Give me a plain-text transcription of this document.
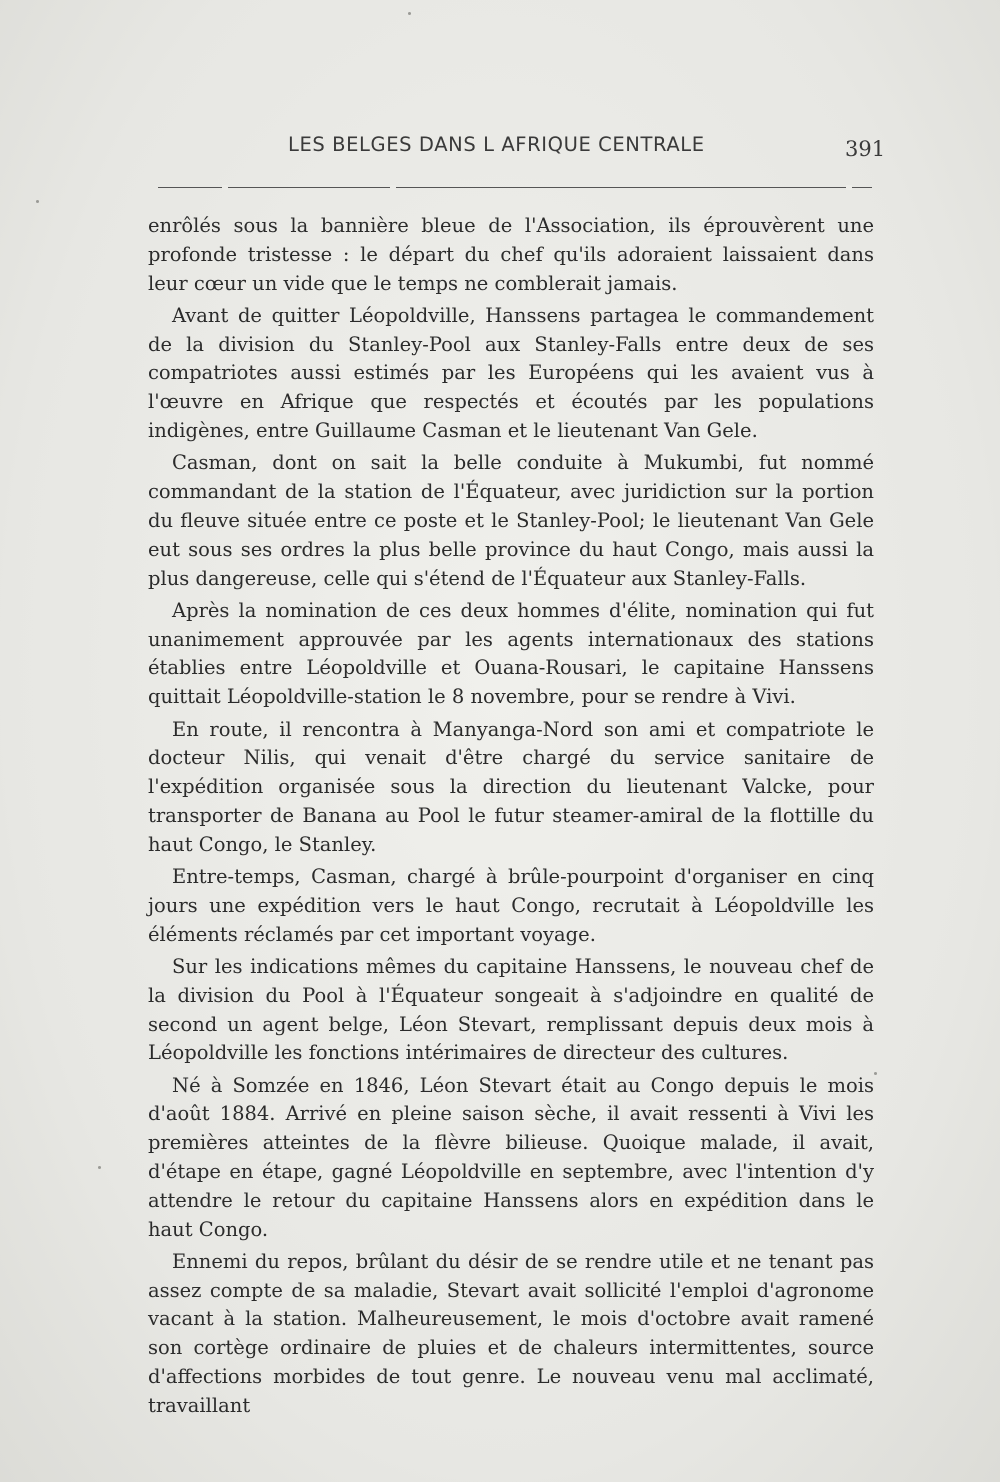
LES BELGES DANS L AFRIQUE CENTRALE	391

enrôlés sous la bannière bleue de l'Association, ils éprouvèrent une profonde tristesse : le départ du chef qu'ils adoraient laissaient dans leur cœur un vide que le temps ne comblerait jamais.

Avant de quitter Léopoldville, Hanssens partagea le commandement de la division du Stanley-Pool aux Stanley-Falls entre deux de ses compatriotes aussi estimés par les Européens qui les avaient vus à l'œuvre en Afrique que respectés et écoutés par les populations indigènes, entre Guillaume Casman et le lieutenant Van Gele.

Casman, dont on sait la belle conduite à Mukumbi, fut nommé commandant de la station de l'Équateur, avec juridiction sur la portion du fleuve située entre ce poste et le Stanley-Pool; le lieutenant Van Gele eut sous ses ordres la plus belle province du haut Congo, mais aussi la plus dangereuse, celle qui s'étend de l'Équateur aux Stanley-Falls.

Après la nomination de ces deux hommes d'élite, nomination qui fut unanimement approuvée par les agents internationaux des stations établies entre Léopoldville et Ouana-Rousari, le capitaine Hanssens quittait Léopoldville-station le 8 novembre, pour se rendre à Vivi.

En route, il rencontra à Manyanga-Nord son ami et compatriote le docteur Nilis, qui venait d'être chargé du service sanitaire de l'expédition organisée sous la direction du lieutenant Valcke, pour transporter de Banana au Pool le futur steamer-amiral de la flottille du haut Congo, le Stanley.

Entre-temps, Casman, chargé à brûle-pourpoint d'organiser en cinq jours une expédition vers le haut Congo, recrutait à Léopoldville les éléments réclamés par cet important voyage.

Sur les indications mêmes du capitaine Hanssens, le nouveau chef de la division du Pool à l'Équateur songeait à s'adjoindre en qualité de second un agent belge, Léon Stevart, remplissant depuis deux mois à Léopoldville les fonctions intérimaires de directeur des cultures.

Né à Somzée en 1846, Léon Stevart était au Congo depuis le mois d'août 1884. Arrivé en pleine saison sèche, il avait ressenti à Vivi les premières atteintes de la flèvre bilieuse. Quoique malade, il avait, d'étape en étape, gagné Léopoldville en septembre, avec l'intention d'y attendre le retour du capitaine Hanssens alors en expédition dans le haut Congo.

Ennemi du repos, brûlant du désir de se rendre utile et ne tenant pas assez compte de sa maladie, Stevart avait sollicité l'emploi d'agronome vacant à la station. Malheureusement, le mois d'octobre avait ramené son cortège ordinaire de pluies et de chaleurs intermittentes, source d'affections morbides de tout genre. Le nouveau venu mal acclimaté, travaillant
